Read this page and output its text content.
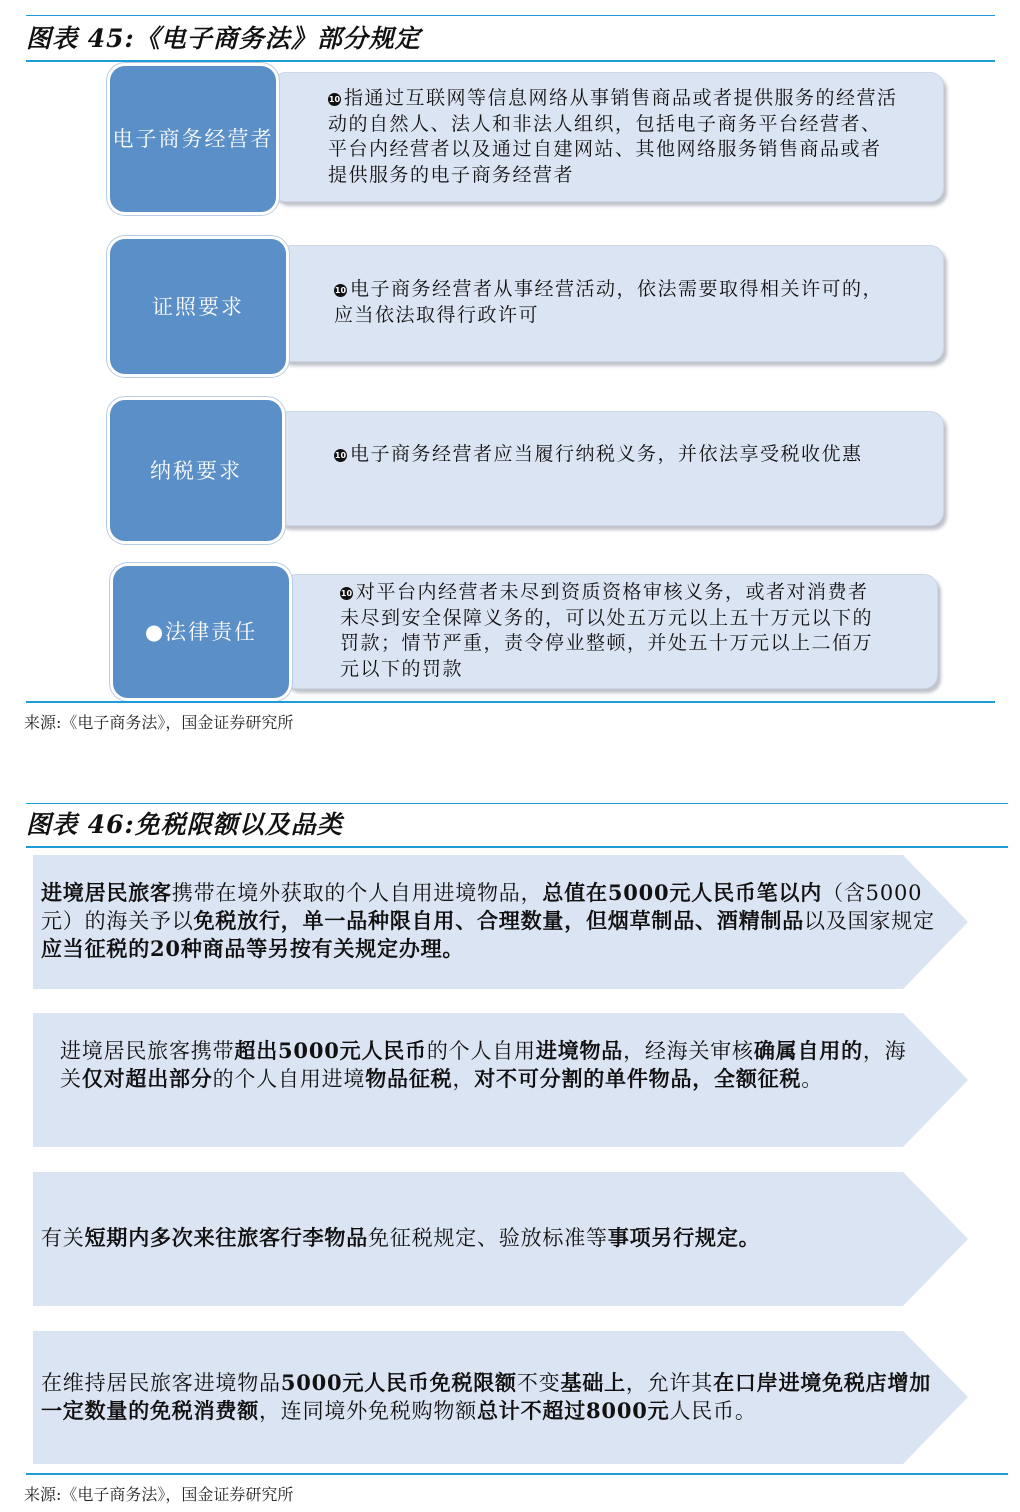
图表 45:《电子商务法》部分规定
电子商务经营者
10 指通过互联网等信息网络从事销售商品或者提供服务的经营活动的自然人、法人和非法人组织，包括电子商务平台经营者、平台内经营者以及通过自建网站、其他网络服务销售商品或者提供服务的电子商务经营者
证照要求
10 电子商务经营者从事经营活动，依法需要取得相关许可的，应当依法取得行政许可
纳税要求
10 电子商务经营者应当履行纳税义务，并依法享受税收优惠
●法律责任
10 对平台内经营者未尽到资质资格审核义务，或者对消费者未尽到安全保障义务的，可以处五万元以上五十万元以下的罚款；情节严重，责令停业整顿，并处五十万元以上二佰万元以下的罚款
来源:《电子商务法》，国金证券研究所
图表 46:免税限额以及品类
进境居民旅客携带在境外获取的个人自用进境物品，总值在5000元人民币笔以内（含5000元）的海关予以免税放行，单一品种限自用、合理数量，但烟草制品、酒精制品以及国家规定应当征税的20种商品等另按有关规定办理。
进境居民旅客携带超出5000元人民币的个人自用进境物品，经海关审核确属自用的，海关仅对超出部分的个人自用进境物品征税，对不可分割的单件物品，全额征税。
有关短期内多次来往旅客行李物品免征税规定、验放标准等事项另行规定。
在维持居民旅客进境物品5000元人民币免税限额不变基础上，允许其在口岸进境免税店增加一定数量的免税消费额，连同境外免税购物额总计不超过8000元人民币。
来源:《电子商务法》，国金证券研究所
